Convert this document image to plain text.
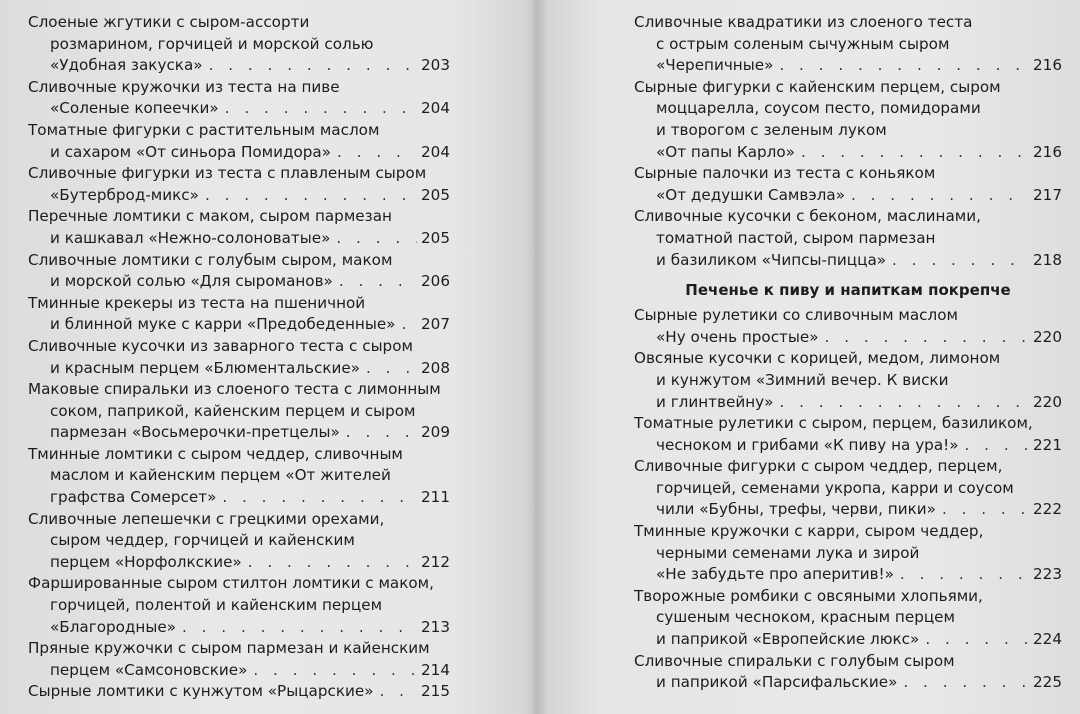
Слоеные жгутики с сыром-ассорти
розмарином, горчицей и морской солью
«Удобная закуска» . . .	203
Сливочные кружочки из теста на пиве
«Соленые копеечки» . . .	204
Томатные фигурки с растительным маслом
и сахаром «От синьора Помидора» . . .	204
Сливочные фигурки из теста с плавленым сыром
«Бутерброд-микс» . . .	205
Перечные ломтики с маком, сыром пармезан
и кашкавал «Нежно-солоноватые» . . .	205
Сливочные ломтики с голубым сыром, маком
и морской солью «Для сыроманов» . . .	206
Тминные крекеры из теста на пшеничной
и блинной муке с карри «Предобеденные» . . . 207
Сливочные кусочки из заварного теста с сыром
и красным перцем «Блюментальские» . . .	208
Маковые спиральки из слоеного теста с лимонным
соком, паприкой, кайенским перцем и сыром
пармезан «Восьмерочки-претцелы» . . .	209
Тминные ломтики с сыром чеддер, сливочным
маслом и кайенским перцем «От жителей
графства Сомерсет» . . .	211
Сливочные лепешечки с грецкими орехами,
сыром чеддер, горчицей и кайенским
перцем «Норфолкские» . . .	212
Фаршированные сыром стилтон ломтики с маком,
горчицей, полентой и кайенским перцем
«Благородные» . . .	213
Пряные кружочки с сыром пармезан и кайенским
перцем «Самсоновские» . . .	214
Сырные ломтики с кунжутом «Рыцарские» . . .	215
Сливочные квадратики из слоеного теста
с острым соленым сычужным сыром
«Черепичные» . . .	216
Сырные фигурки с кайенским перцем, сыром
моццарелла, соусом песто, помидорами
и творогом с зеленым луком
«От папы Карло» . . .	216
Сырные палочки из теста с коньяком
«От дедушки Самвэла» . . .	217
Сливочные кусочки с беконом, маслинами,
томатной пастой, сыром пармезан
и базиликом «Чипсы-пицца» . . .	218
Печенье к пиву и напиткам покрепче
Сырные рулетики со сливочным маслом
«Ну очень простые» . . .	220
Овсяные кусочки с корицей, медом, лимоном
и кунжутом «Зимний вечер. К виски
и глинтвейну» . . .	220
Томатные рулетики с сыром, перцем, базиликом,
чесноком и грибами «К пиву на ура!» . . .	221
Сливочные фигурки с сыром чеддер, перцем,
горчицей, семенами укропа, карри и соусом
чили «Бубны, трефы, черви, пики» . . .	222
Тминные кружочки с карри, сыром чеддер,
черными семенами лука и зирой
«Не забудьте про аперитив!» . . .	223
Творожные ромбики с овсяными хлопьями,
сушеным чесноком, красным перцем
и паприкой «Европейские люкс» . . .	224
Сливочные спиральки с голубым сыром
и паприкой «Парсифальские» . . .	225
